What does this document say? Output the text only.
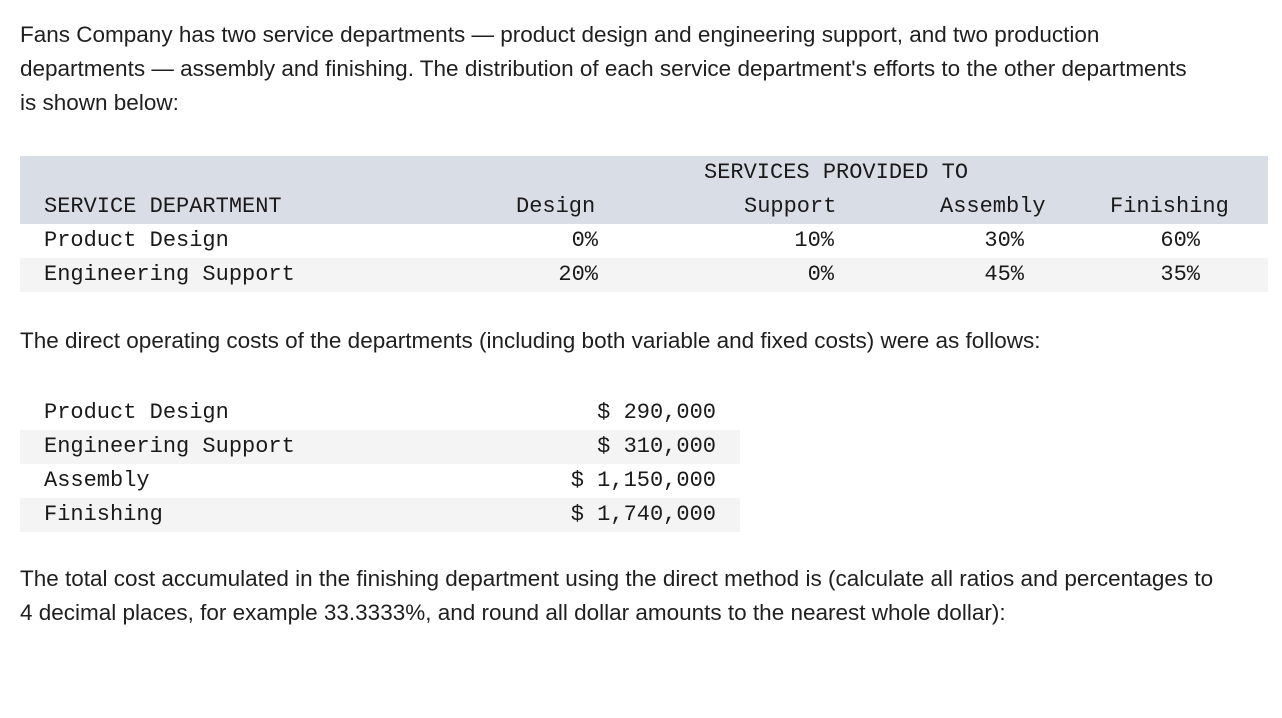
Fans Company has two service departments — product design and engineering support, and two production departments — assembly and finishing. The distribution of each service department's efforts to the other departments is shown below:

SERVICES PROVIDED TO
SERVICE DEPARTMENT	Design	Support	Assembly	Finishing
Product Design	0%	10%	30%	60%
Engineering Support	20%	0%	45%	35%

The direct operating costs of the departments (including both variable and fixed costs) were as follows:

Product Design	$ 290,000
Engineering Support	$ 310,000
Assembly	$ 1,150,000
Finishing	$ 1,740,000

The total cost accumulated in the finishing department using the direct method is (calculate all ratios and percentages to 4 decimal places, for example 33.3333%, and round all dollar amounts to the nearest whole dollar):
